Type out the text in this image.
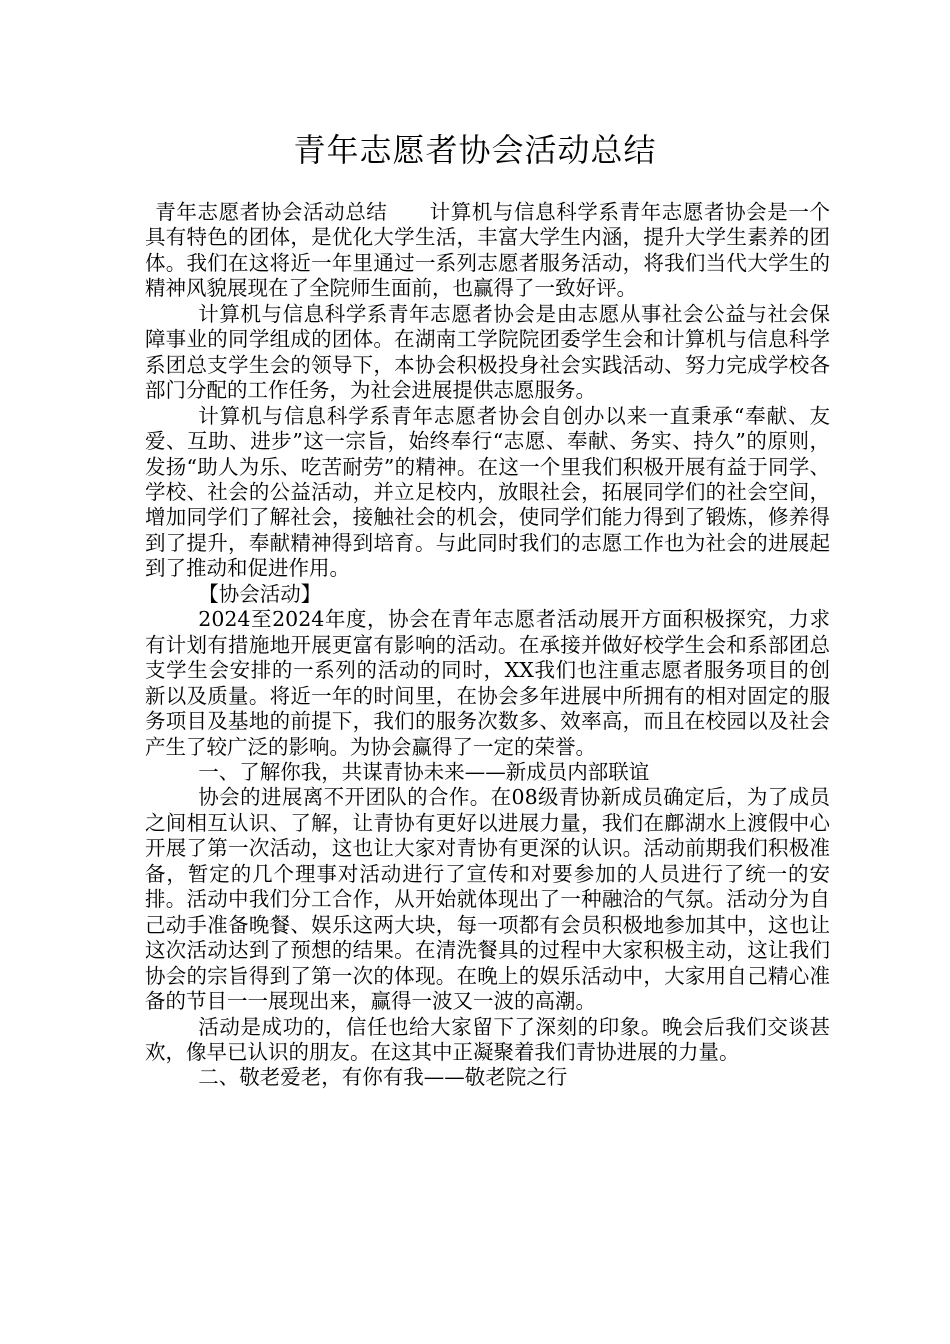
青年志愿者协会活动总结

青年志愿者协会活动总结　　计算机与信息科学系青年志愿者协会是一个具有特色的团体，是优化大学生活，丰富大学生内涵，提升大学生素养的团体。我们在这将近一年里通过一系列志愿者服务活动，将我们当代大学生的精神风貌展现在了全院师生面前，也赢得了一致好评。

计算机与信息科学系青年志愿者协会是由志愿从事社会公益与社会保障事业的同学组成的团体。在湖南工学院院团委学生会和计算机与信息科学系团总支学生会的领导下，本协会积极投身社会实践活动、努力完成学校各部门分配的工作任务，为社会进展提供志愿服务。

计算机与信息科学系青年志愿者协会自创办以来一直秉承“奉献、友爱、互助、进步”这一宗旨，始终奉行“志愿、奉献、务实、持久”的原则，发扬“助人为乐、吃苦耐劳”的精神。在这一个里我们积极开展有益于同学、学校、社会的公益活动，并立足校内，放眼社会，拓展同学们的社会空间，增加同学们了解社会，接触社会的机会，使同学们能力得到了锻炼，修养得到了提升，奉献精神得到培育。与此同时我们的志愿工作也为社会的进展起到了推动和促进作用。

【协会活动】

2024至2024年度，协会在青年志愿者活动展开方面积极探究，力求有计划有措施地开展更富有影响的活动。在承接并做好校学生会和系部团总支学生会安排的一系列的活动的同时，XX我们也注重志愿者服务项目的创新以及质量。将近一年的时间里，在协会多年进展中所拥有的相对固定的服务项目及基地的前提下，我们的服务次数多、效率高，而且在校园以及社会产生了较广泛的影响。为协会赢得了一定的荣誉。

一、了解你我，共谋青协未来——新成员内部联谊

协会的进展离不开团队的合作。在08级青协新成员确定后，为了成员之间相互认识、了解，让青协有更好以进展力量，我们在鄜湖水上渡假中心开展了第一次活动，这也让大家对青协有更深的认识。活动前期我们积极准备，暂定的几个理事对活动进行了宣传和对要参加的人员进行了统一的安排。活动中我们分工合作，从开始就体现出了一种融洽的气氛。活动分为自己动手准备晚餐、娱乐这两大块，每一项都有会员积极地参加其中，这也让这次活动达到了预想的结果。在清洗餐具的过程中大家积极主动，这让我们协会的宗旨得到了第一次的体现。在晚上的娱乐活动中，大家用自己精心准备的节目一一展现出来，赢得一波又一波的高潮。

活动是成功的，信任也给大家留下了深刻的印象。晚会后我们交谈甚欢，像早已认识的朋友。在这其中正凝聚着我们青协进展的力量。

二、敬老爱老，有你有我——敬老院之行
